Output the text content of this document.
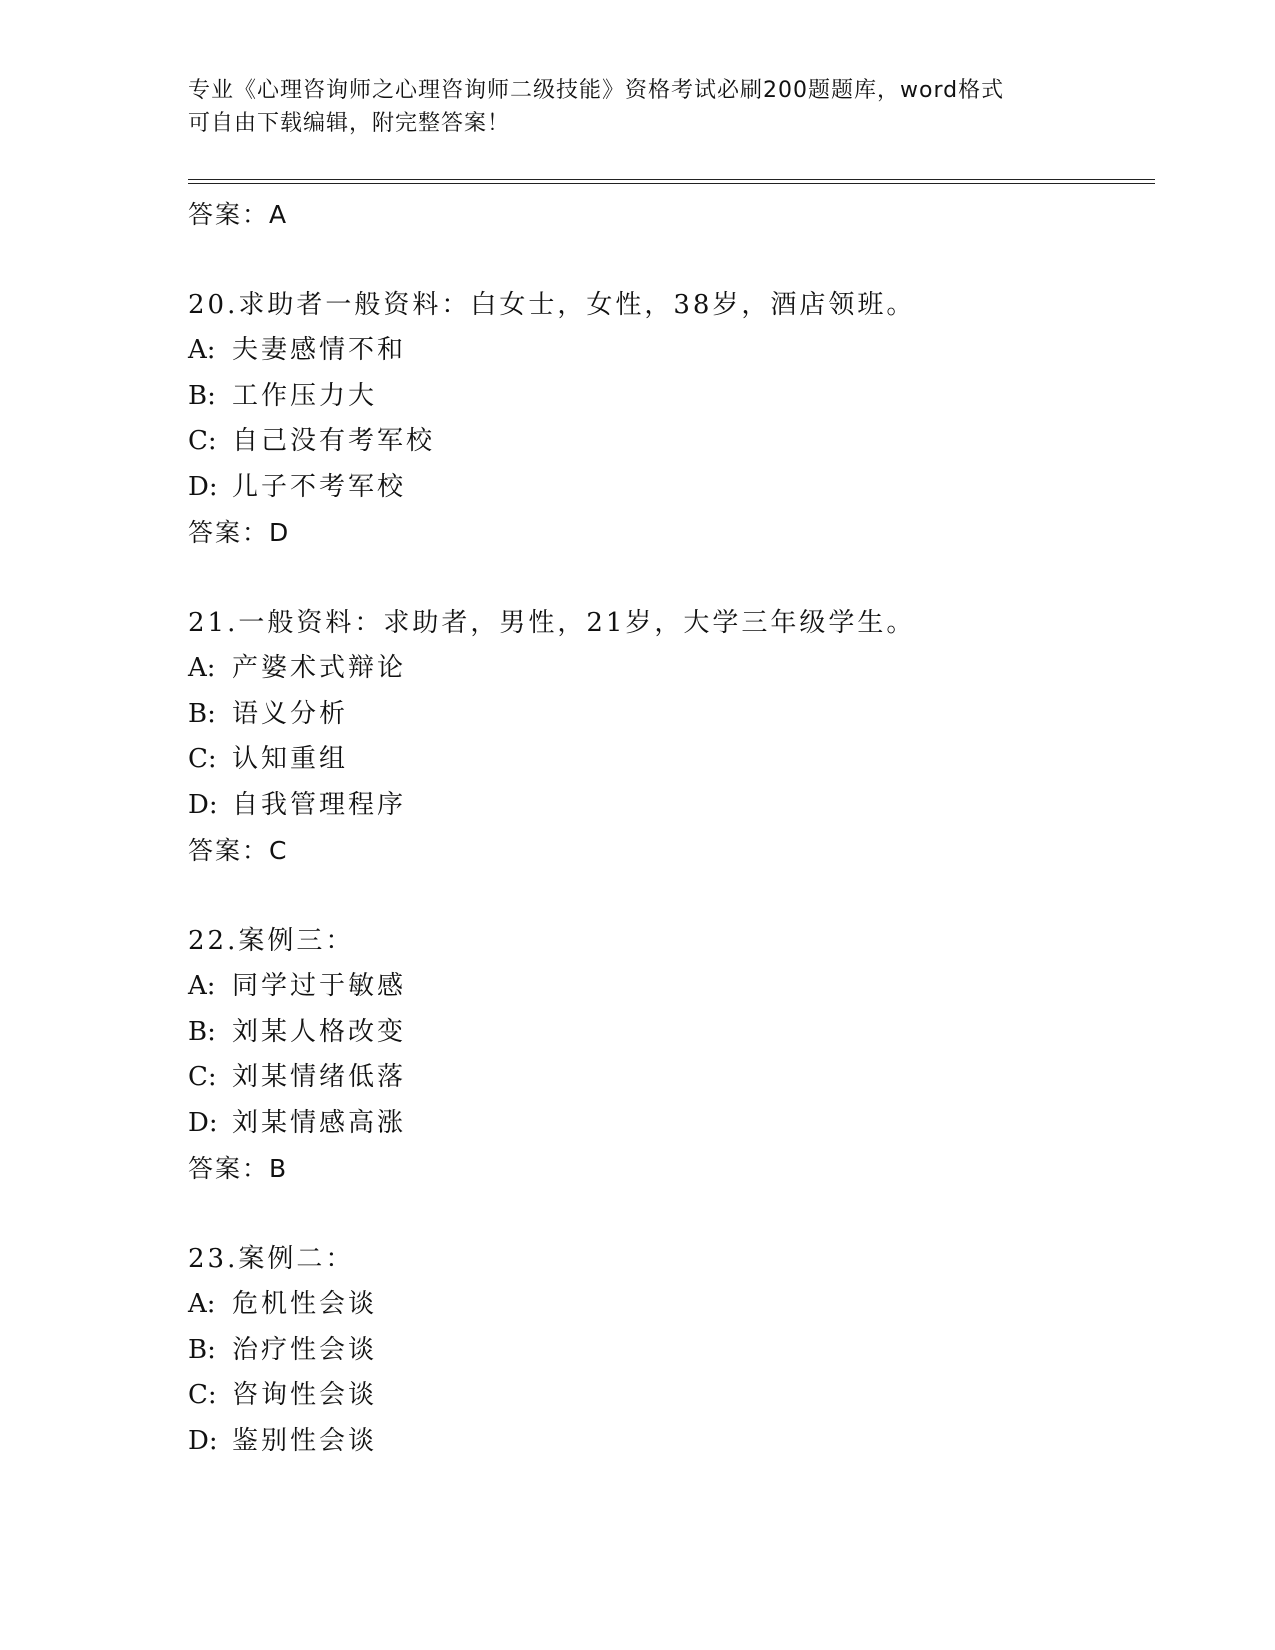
专业《心理咨询师之心理咨询师二级技能》资格考试必刷200题题库，word格式
可自由下载编辑，附完整答案！
答案：A
20.求助者一般资料：白女士，女性，38岁，酒店领班。
A: 夫妻感情不和
B: 工作压力大
C: 自己没有考军校
D: 儿子不考军校
答案：D
21.一般资料：求助者，男性，21岁，大学三年级学生。
A: 产婆术式辩论
B: 语义分析
C: 认知重组
D: 自我管理程序
答案：C
22.案例三：
A: 同学过于敏感
B: 刘某人格改变
C: 刘某情绪低落
D: 刘某情感高涨
答案：B
23.案例二：
A: 危机性会谈
B: 治疗性会谈
C: 咨询性会谈
D: 鉴别性会谈
